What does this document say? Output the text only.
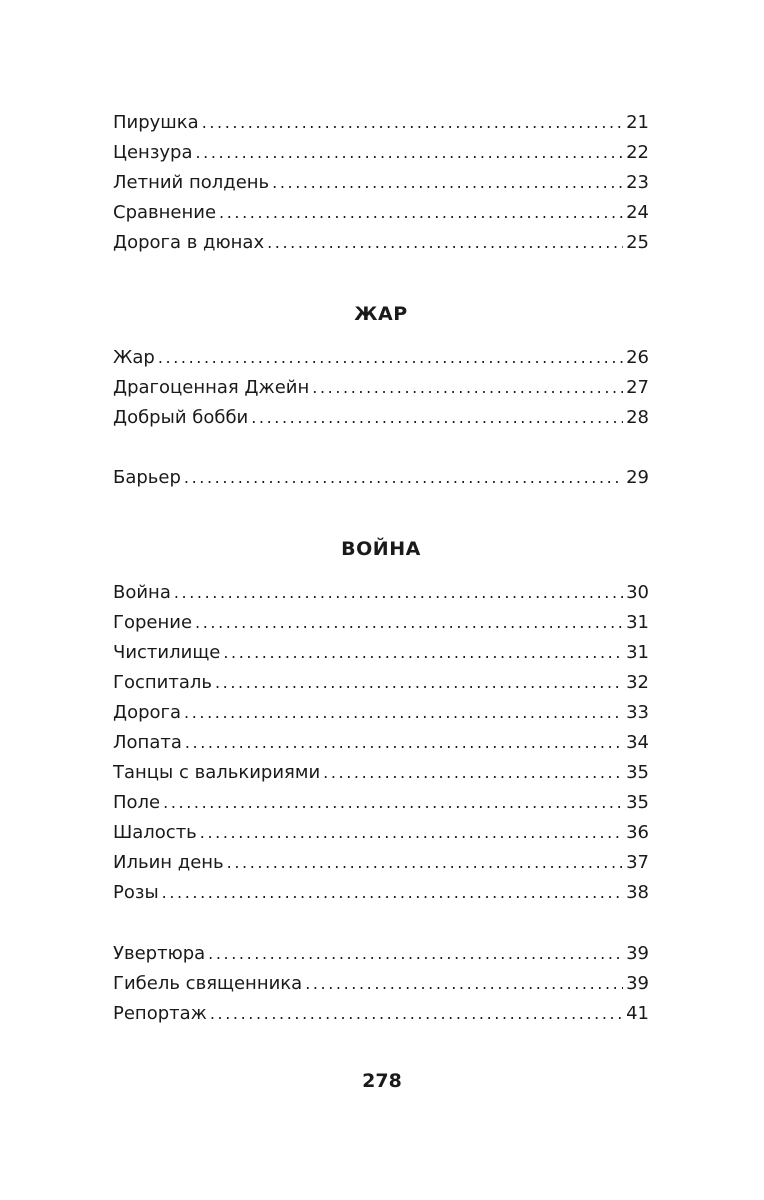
Пирушка .....	21
Цензура .....	22
Летний полдень .....	23
Сравнение .....	24
Дорога в дюнах .....	25
ЖАР
Жар .....	26
Драгоценная Джейн .....	27
Добрый бобби .....	28
Барьер .....	29
ВОЙНА
Война .....	30
Горение .....	31
Чистилище .....	31
Госпиталь .....	32
Дорога .....	33
Лопата .....	34
Танцы с валькириями .....	35
Поле .....	35
Шалость .....	36
Ильин день .....	37
Розы .....	38
Увертюра .....	39
Гибель священника .....	39
Репортаж .....	41
278
